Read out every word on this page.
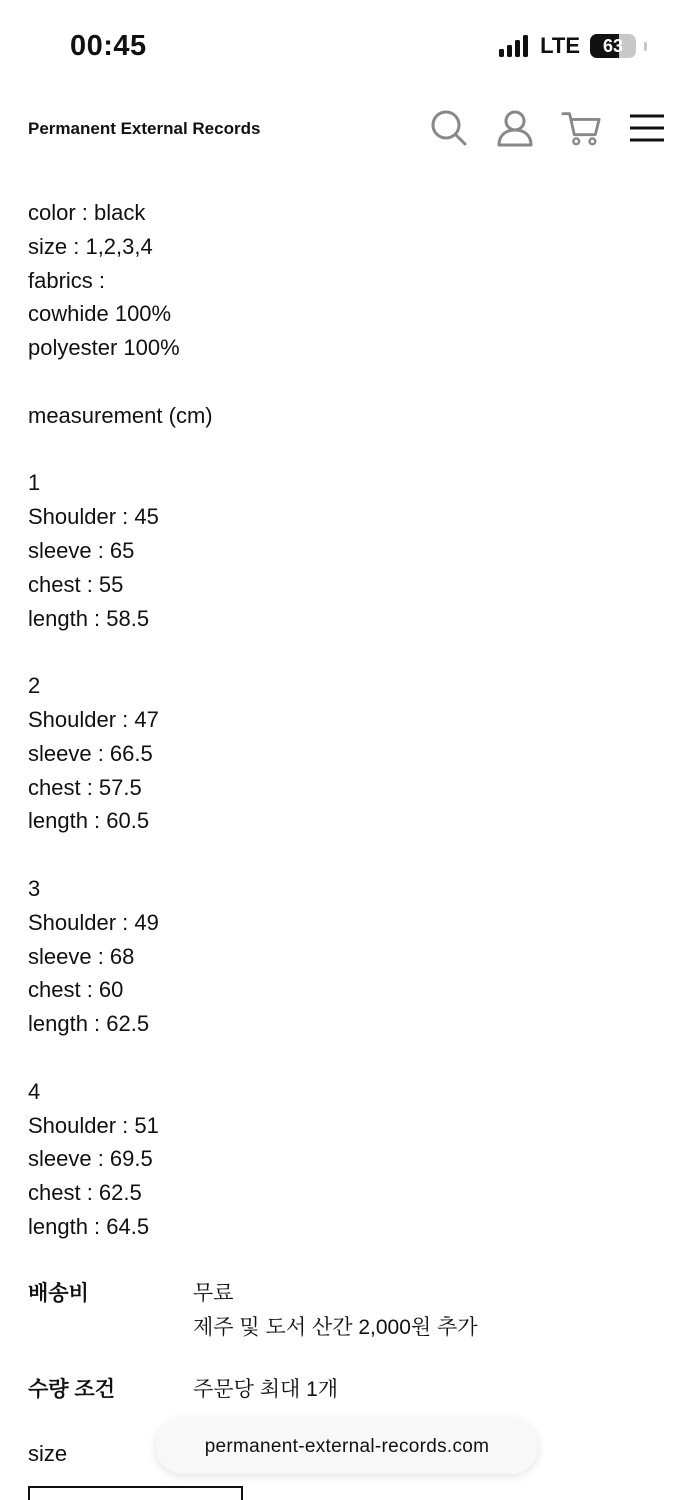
00:45	LTE	63
Permanent External Records
color : black
size : 1,2,3,4
fabrics :
cowhide 100%
polyester 100%
measurement (cm)
1
Shoulder : 45
sleeve : 65
chest : 55
length : 58.5
2
Shoulder : 47
sleeve : 66.5
chest : 57.5
length : 60.5
3
Shoulder : 49
sleeve : 68
chest : 60
length : 62.5
4
Shoulder : 51
sleeve : 69.5
chest : 62.5
length : 64.5
배송비	무료
제주 및 도서 산간 2,000원 추가
수량 조건	주문당 최대 1개
size	permanent-external-records.com
